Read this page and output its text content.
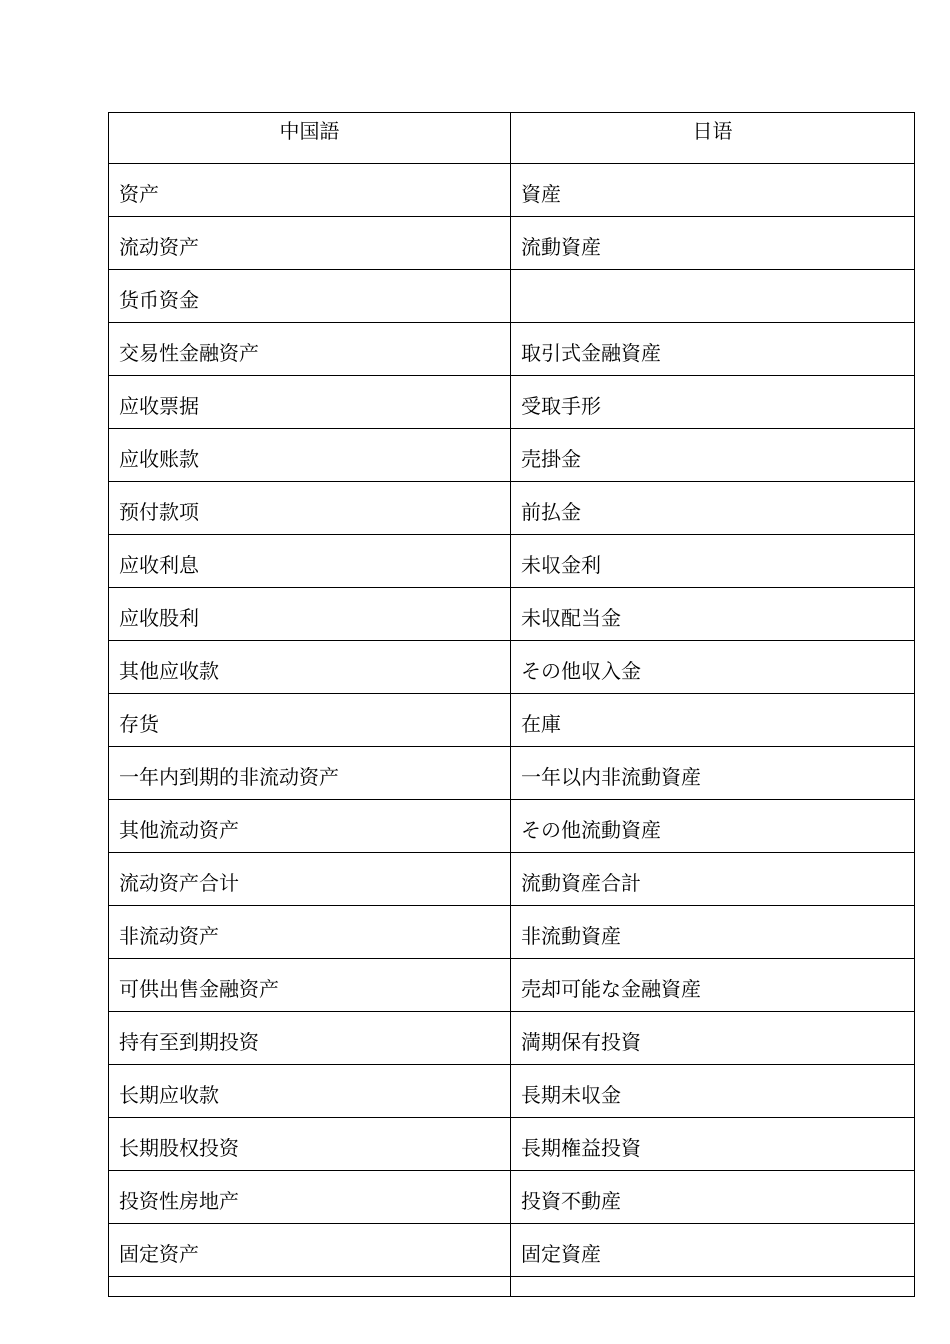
中国語	日语
资产	資産
流动资产	流動資産
货币资金	
交易性金融资产	取引式金融資産
应收票据	受取手形
应收账款	売掛金
预付款项	前払金
应收利息	未収金利
应收股利	未収配当金
其他应收款	その他収入金
存货	在庫
一年内到期的非流动资产	一年以内非流動資産
其他流动资产	その他流動資産
流动资产合计	流動資産合計
非流动资产	非流動資産
可供出售金融资产	売却可能な金融資産
持有至到期投资	満期保有投資
长期应收款	長期未収金
长期股权投资	長期権益投資
投资性房地产	投資不動産
固定资产	固定資産
